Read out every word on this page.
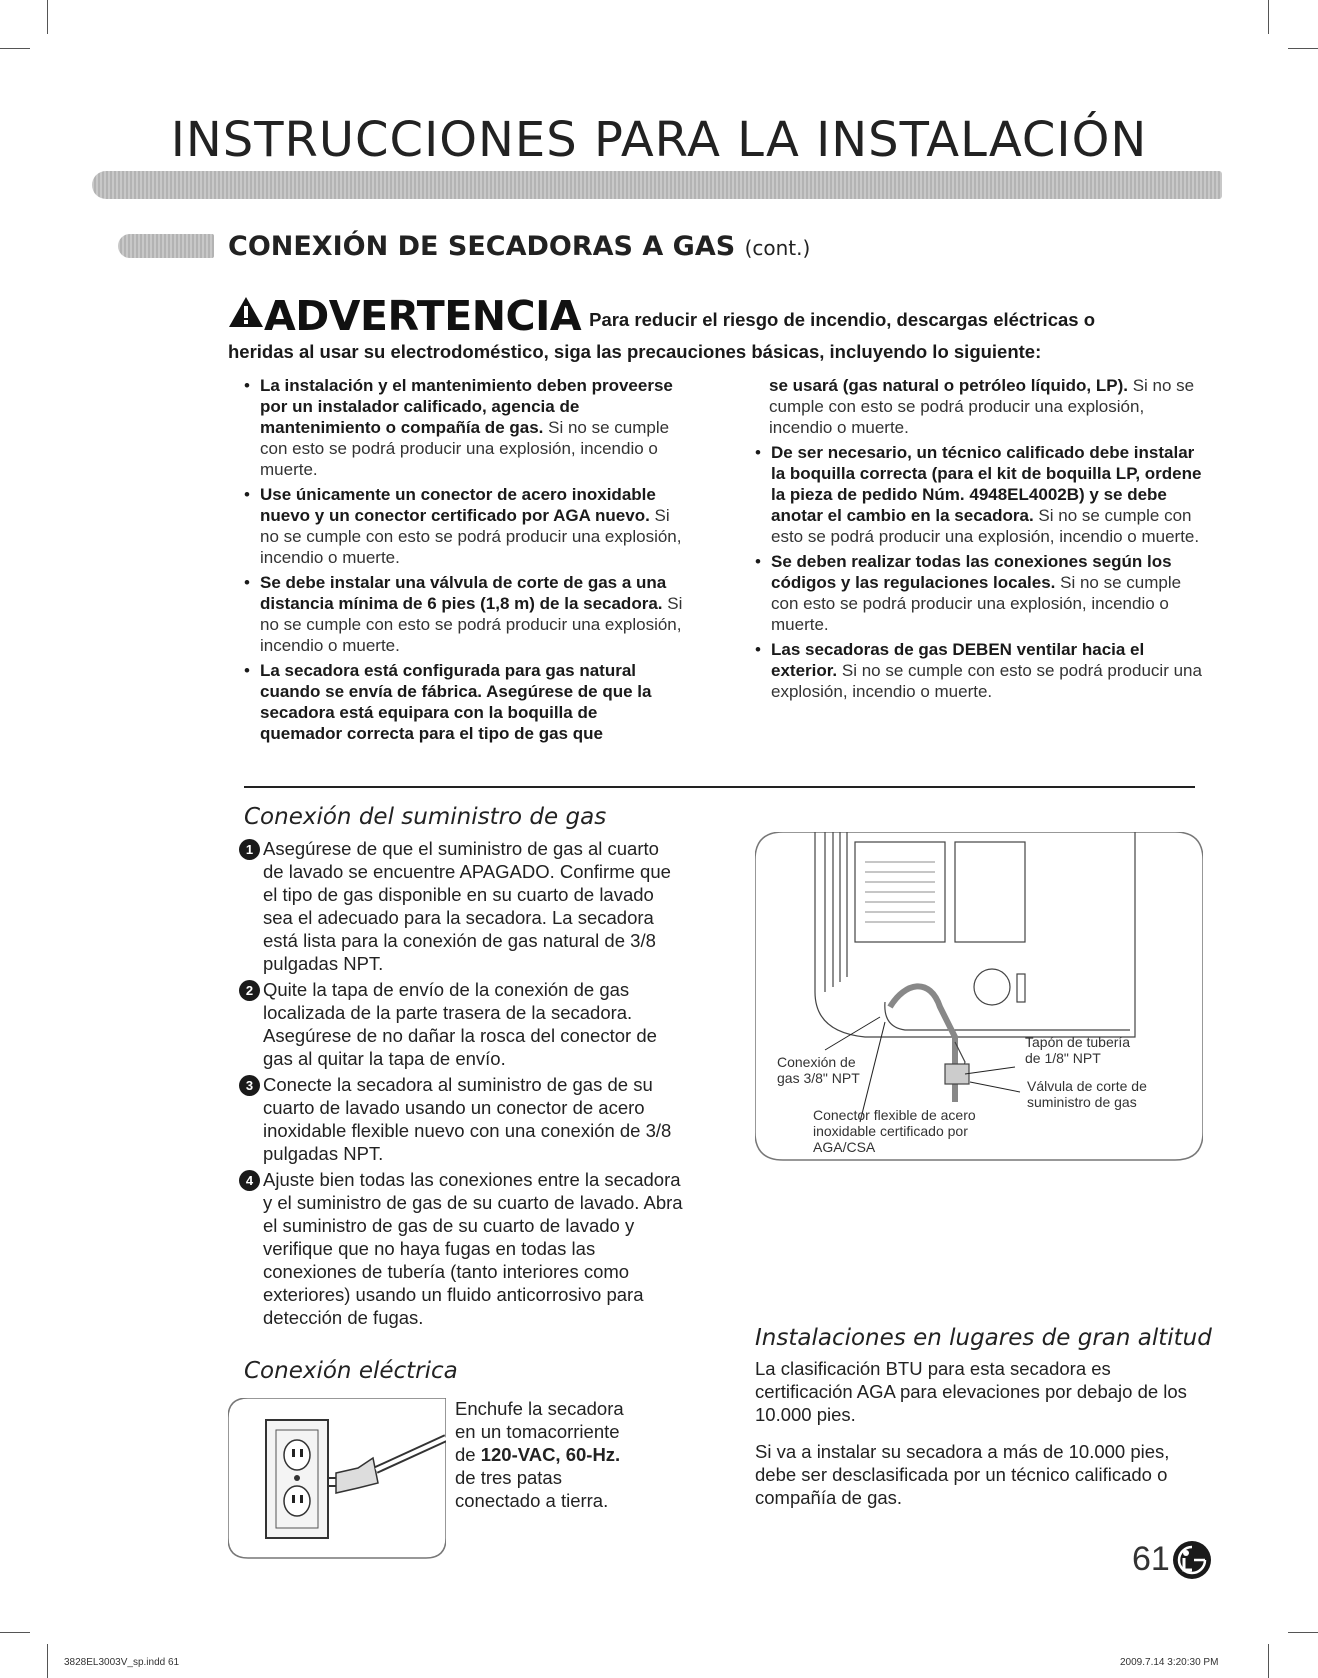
INSTRUCCIONES PARA LA INSTALACIÓN
CONEXIÓN DE SECADORAS A GAS (cont.)
ADVERTENCIA Para reducir el riesgo de incendio, descargas eléctricas o
heridas al usar su electrodoméstico, siga las precauciones básicas, incluyendo lo siguiente:
• La instalación y el mantenimiento deben proveerse por un instalador calificado, agencia de mantenimiento o compañía de gas. Si no se cumple con esto se podrá producir una explosión, incendio o muerte.
• Use únicamente un conector de acero inoxidable nuevo y un conector certificado por AGA nuevo. Si no se cumple con esto se podrá producir una explosión, incendio o muerte.
• Se debe instalar una válvula de corte de gas a una distancia mínima de 6 pies (1,8 m) de la secadora. Si no se cumple con esto se podrá producir una explosión, incendio o muerte.
• La secadora está configurada para gas natural cuando se envía de fábrica. Asegúrese de que la secadora está equipara con la boquilla de quemador correcta para el tipo de gas que
se usará (gas natural o petróleo líquido, LP). Si no se cumple con esto se podrá producir una explosión, incendio o muerte.
• De ser necesario, un técnico calificado debe instalar la boquilla correcta (para el kit de boquilla LP, ordene la pieza de pedido Núm. 4948EL4002B) y se debe anotar el cambio en la secadora. Si no se cumple con esto se podrá producir una explosión, incendio o muerte.
• Se deben realizar todas las conexiones según los códigos y las regulaciones locales. Si no se cumple con esto se podrá producir una explosión, incendio o muerte.
• Las secadoras de gas DEBEN ventilar hacia el exterior. Si no se cumple con esto se podrá producir una explosión, incendio o muerte.
Conexión del suministro de gas
1 Asegúrese de que el suministro de gas al cuarto de lavado se encuentre APAGADO. Confirme que el tipo de gas disponible en su cuarto de lavado sea el adecuado para la secadora. La secadora está lista para la conexión de gas natural de 3/8 pulgadas NPT.
2 Quite la tapa de envío de la conexión de gas localizada de la parte trasera de la secadora. Asegúrese de no dañar la rosca del conector de gas al quitar la tapa de envío.
3 Conecte la secadora al suministro de gas de su cuarto de lavado usando un conector de acero inoxidable flexible nuevo con una conexión de 3/8 pulgadas NPT.
4 Ajuste bien todas las conexiones entre la secadora y el suministro de gas de su cuarto de lavado. Abra el suministro de gas de su cuarto de lavado y verifique que no haya fugas en todas las conexiones de tubería (tanto interiores como exteriores) usando un fluido anticorrosivo para detección de fugas.
Conexión de
gas 3/8" NPT
Conector flexible de acero
inoxidable certificado por
AGA/CSA
Tapón de tubería
de 1/8" NPT
Válvula de corte de
suministro de gas
Conexión eléctrica
Enchufe la secadora
en un tomacorriente
de 120-VAC, 60-Hz.
de tres patas
conectado a tierra.
Instalaciones en lugares de gran altitud
La clasificación BTU para esta secadora es certificación AGA para elevaciones por debajo de los 10.000 pies.
Si va a instalar su secadora a más de 10.000 pies, debe ser desclasificada por un técnico calificado o compañía de gas.
61
3828EL3003V_sp.indd 61	2009.7.14 3:20:30 PM
